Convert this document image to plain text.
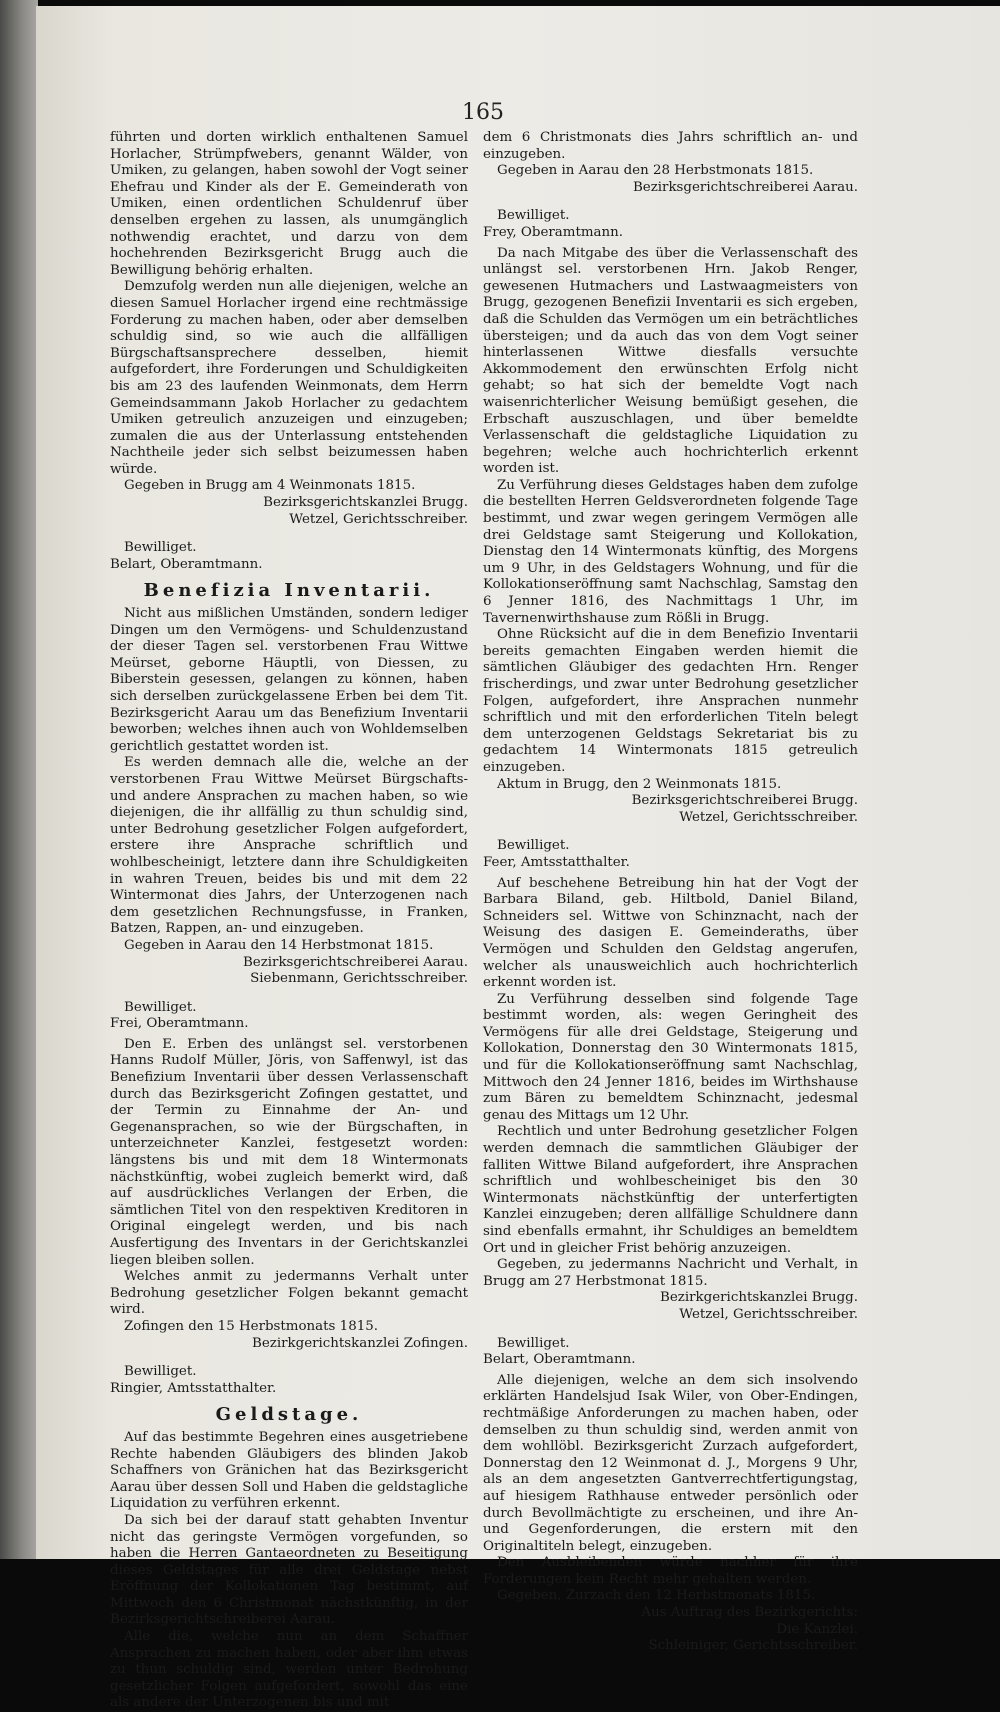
165

führten und dorten wirklich enthaltenen Samuel Horlacher, Strümpfwebers, genannt Wälder, von Umiken, zu gelangen, haben sowohl der Vogt seiner Ehefrau und Kinder als der E. Gemeinderath von Umiken, einen ordentlichen Schuldenruf über denselben ergehen zu lassen, als unumgänglich nothwendig erachtet, und darzu von dem hochehrenden Bezirksgericht Brugg auch die Bewilligung behörig erhalten.

Demzufolg werden nun alle diejenigen, welche an diesen Samuel Horlacher irgend eine rechtmässige Forderung zu machen haben, oder aber demselben schuldig sind, so wie auch die allfälligen Bürgschaftsansprechere desselben, hiemit aufgefordert, ihre Forderungen und Schuldigkeiten bis am 23 des laufenden Weinmonats, dem Herrn Gemeindsammann Jakob Horlacher zu gedachtem Umiken getreulich anzuzeigen und einzugeben; zumalen die aus der Unterlassung entstehenden Nachtheile jeder sich selbst beizumessen haben würde.

Gegeben in Brugg am 4 Weinmonats 1815.

Bezirksgerichtskanzlei Brugg.

Wetzel, Gerichtsschreiber.

Bewilliget.

Belart, Oberamtmann.

Benefizia Inventarii.

Nicht aus mißlichen Umständen, sondern lediger Dingen um den Vermögens- und Schuldenzustand der dieser Tagen sel. verstorbenen Frau Wittwe Meürset, geborne Häuptli, von Diessen, zu Biberstein gesessen, gelangen zu können, haben sich derselben zurückgelassene Erben bei dem Tit. Bezirksgericht Aarau um das Benefizium Inventarii beworben; welches ihnen auch von Wohldemselben gerichtlich gestattet worden ist.

Es werden demnach alle die, welche an der verstorbenen Frau Wittwe Meürset Bürgschafts- und andere Ansprachen zu machen haben, so wie diejenigen, die ihr allfällig zu thun schuldig sind, unter Bedrohung gesetzlicher Folgen aufgefordert, erstere ihre Ansprache schriftlich und wohlbescheinigt, letztere dann ihre Schuldigkeiten in wahren Treuen, beides bis und mit dem 22 Wintermonat dies Jahrs, der Unterzogenen nach dem gesetzlichen Rechnungsfusse, in Franken, Batzen, Rappen, an- und einzugeben.

Gegeben in Aarau den 14 Herbstmonat 1815.

Bezirksgerichtschreiberei Aarau.

Siebenmann, Gerichtsschreiber.

Bewilliget.

Frei, Oberamtmann.

Den E. Erben des unlängst sel. verstorbenen Hanns Rudolf Müller, Jöris, von Saffenwyl, ist das Benefizium Inventarii über dessen Verlassenschaft durch das Bezirksgericht Zofingen gestattet, und der Termin zu Einnahme der An- und Gegenansprachen, so wie der Bürgschaften, in unterzeichneter Kanzlei, festgesetzt worden: längstens bis und mit dem 18 Wintermonats nächstkünftig, wobei zugleich bemerkt wird, daß auf ausdrückliches Verlangen der Erben, die sämtlichen Titel von den respektiven Kreditoren in Original eingelegt werden, und bis nach Ausfertigung des Inventars in der Gerichtskanzlei liegen bleiben sollen.

Welches anmit zu jedermanns Verhalt unter Bedrohung gesetzlicher Folgen bekannt gemacht wird.

Zofingen den 15 Herbstmonats 1815.

Bezirkgerichtskanzlei Zofingen.

Bewilliget.

Ringier, Amtsstatthalter.

Geldstage.

Auf das bestimmte Begehren eines ausgetriebene Rechte habenden Gläubigers des blinden Jakob Schaffners von Gränichen hat das Bezirksgericht Aarau über dessen Soll und Haben die geldstagliche Liquidation zu verführen erkennt.

Da sich bei der darauf statt gehabten Inventur nicht das geringste Vermögen vorgefunden, so haben die Herren Gantaeordneten zu Beseitigung dieses Geldstages für alle drei Geldstage nebst Eröffnung der Kollokationen Tag bestimmt, auf Mittwoch den 6 Christmonat nächstkünftig, in der Bezirksgerichtschreiberei Aarau.

Alle die, welche nun an dem Schaffner Ansprachen zu machen haben, oder aber ihm etwas zu thun schuldig sind, werden unter Bedrohung gesetzlicher Folgen aufgefordert, sowohl das eine als andere der Unterzogenen bis und mit

dem 6 Christmonats dies Jahrs schriftlich an- und einzugeben.

Gegeben in Aarau den 28 Herbstmonats 1815.

Bezirksgerichtschreiberei Aarau.

Bewilliget.

Frey, Oberamtmann.

Da nach Mitgabe des über die Verlassenschaft des unlängst sel. verstorbenen Hrn. Jakob Renger, gewesenen Hutmachers und Lastwaagmeisters von Brugg, gezogenen Benefizii Inventarii es sich ergeben, daß die Schulden das Vermögen um ein beträchtliches übersteigen; und da auch das von dem Vogt seiner hinterlassenen Wittwe diesfalls versuchte Akkommodement den erwünschten Erfolg nicht gehabt; so hat sich der bemeldte Vogt nach waisenrichterlicher Weisung bemüßigt gesehen, die Erbschaft auszuschlagen, und über bemeldte Verlassenschaft die geldstagliche Liquidation zu begehren; welche auch hochrichterlich erkennt worden ist.

Zu Verführung dieses Geldstages haben dem zufolge die bestellten Herren Geldsverordneten folgende Tage bestimmt, und zwar wegen geringem Vermögen alle drei Geldstage samt Steigerung und Kollokation, Dienstag den 14 Wintermonats künftig, des Morgens um 9 Uhr, in des Geldstagers Wohnung, und für die Kollokationseröffnung samt Nachschlag, Samstag den 6 Jenner 1816, des Nachmittags 1 Uhr, im Tavernenwirthshause zum Rößli in Brugg.

Ohne Rücksicht auf die in dem Benefizio Inventarii bereits gemachten Eingaben werden hiemit die sämtlichen Gläubiger des gedachten Hrn. Renger frischerdings, und zwar unter Bedrohung gesetzlicher Folgen, aufgefordert, ihre Ansprachen nunmehr schriftlich und mit den erforderlichen Titeln belegt dem unterzogenen Geldstags Sekretariat bis zu gedachtem 14 Wintermonats 1815 getreulich einzugeben.

Aktum in Brugg, den 2 Weinmonats 1815.

Bezirksgerichtschreiberei Brugg.

Wetzel, Gerichtsschreiber.

Bewilliget.

Feer, Amtsstatthalter.

Auf beschehene Betreibung hin hat der Vogt der Barbara Biland, geb. Hiltbold, Daniel Biland, Schneiders sel. Wittwe von Schinznacht, nach der Weisung des dasigen E. Gemeinderaths, über Vermögen und Schulden den Geldstag angerufen, welcher als unausweichlich auch hochrichterlich erkennt worden ist.

Zu Verführung desselben sind folgende Tage bestimmt worden, als: wegen Geringheit des Vermögens für alle drei Geldstage, Steigerung und Kollokation, Donnerstag den 30 Wintermonats 1815, und für die Kollokationseröffnung samt Nachschlag, Mittwoch den 24 Jenner 1816, beides im Wirthshause zum Bären zu bemeldtem Schinznacht, jedesmal genau des Mittags um 12 Uhr.

Rechtlich und unter Bedrohung gesetzlicher Folgen werden demnach die sammtlichen Gläubiger der falliten Wittwe Biland aufgefordert, ihre Ansprachen schriftlich und wohlbescheiniget bis den 30 Wintermonats nächstkünftig der unterfertigten Kanzlei einzugeben; deren allfällige Schuldnere dann sind ebenfalls ermahnt, ihr Schuldiges an bemeldtem Ort und in gleicher Frist behörig anzuzeigen.

Gegeben, zu jedermanns Nachricht und Verhalt, in Brugg am 27 Herbstmonat 1815.

Bezirkgerichtskanzlei Brugg.

Wetzel, Gerichtsschreiber.

Bewilliget.

Belart, Oberamtmann.

Alle diejenigen, welche an dem sich insolvendo erklärten Handelsjud Isak Wiler, von Ober-Endingen, rechtmäßige Anforderungen zu machen haben, oder demselben zu thun schuldig sind, werden anmit von dem wohllöbl. Bezirksgericht Zurzach aufgefordert, Donnerstag den 12 Weinmonat d. J., Morgens 9 Uhr, als an dem angesetzten Gantverrechtfertigungstag, auf hiesigem Rathhause entweder persönlich oder durch Bevollmächtigte zu erscheinen, und ihre An- und Gegenforderungen, die erstern mit den Originaltiteln belegt, einzugeben.

Den Ausbleibenden würde nachher für ihre Forderungen kein Recht mehr gehalten werden.

Gegeben, Zurzach den 12 Herbstmonats 1815.

Aus Auftrag des Bezirkgerichts:

Die Kanzlei.

Schleiniger, Gerichtsschreiber.
